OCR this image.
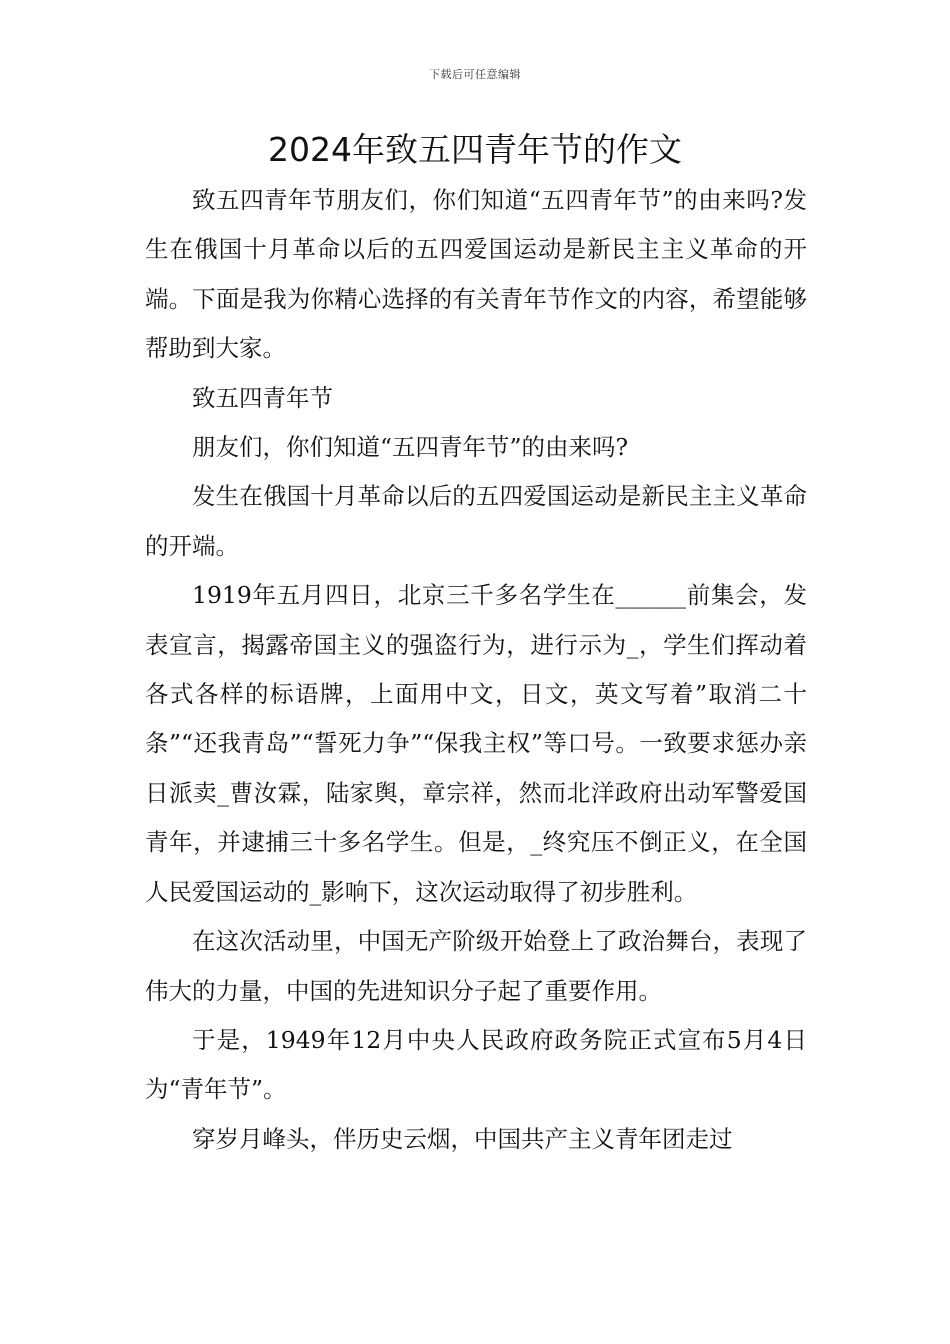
下载后可任意编辑
2024年致五四青年节的作文

致五四青年节朋友们，你们知道“五四青年节”的由来吗?发生在俄国十月革命以后的五四爱国运动是新民主主义革命的开端。下面是我为你精心选择的有关青年节作文的内容，希望能够帮助到大家。

致五四青年节

朋友们，你们知道“五四青年节”的由来吗?

发生在俄国十月革命以后的五四爱国运动是新民主主义革命的开端。

1919年五月四日，北京三千多名学生在______前集会，发表宣言，揭露帝国主义的强盗行为，进行示为_，学生们挥动着各式各样的标语牌，上面用中文，日文，英文写着”取消二十条”“还我青岛”“誓死力争”“保我主权”等口号。一致要求惩办亲日派卖_曹汝霖，陆家舆，章宗祥，然而北洋政府出动军警爱国青年，并逮捕三十多名学生。但是，_终究压不倒正义，在全国人民爱国运动的_影响下，这次运动取得了初步胜利。

在这次活动里，中国无产阶级开始登上了政治舞台，表现了伟大的力量，中国的先进知识分子起了重要作用。

于是，1949年12月中央人民政府政务院正式宣布5月4日为“青年节”。

穿岁月峰头，伴历史云烟，中国共产主义青年团走过
